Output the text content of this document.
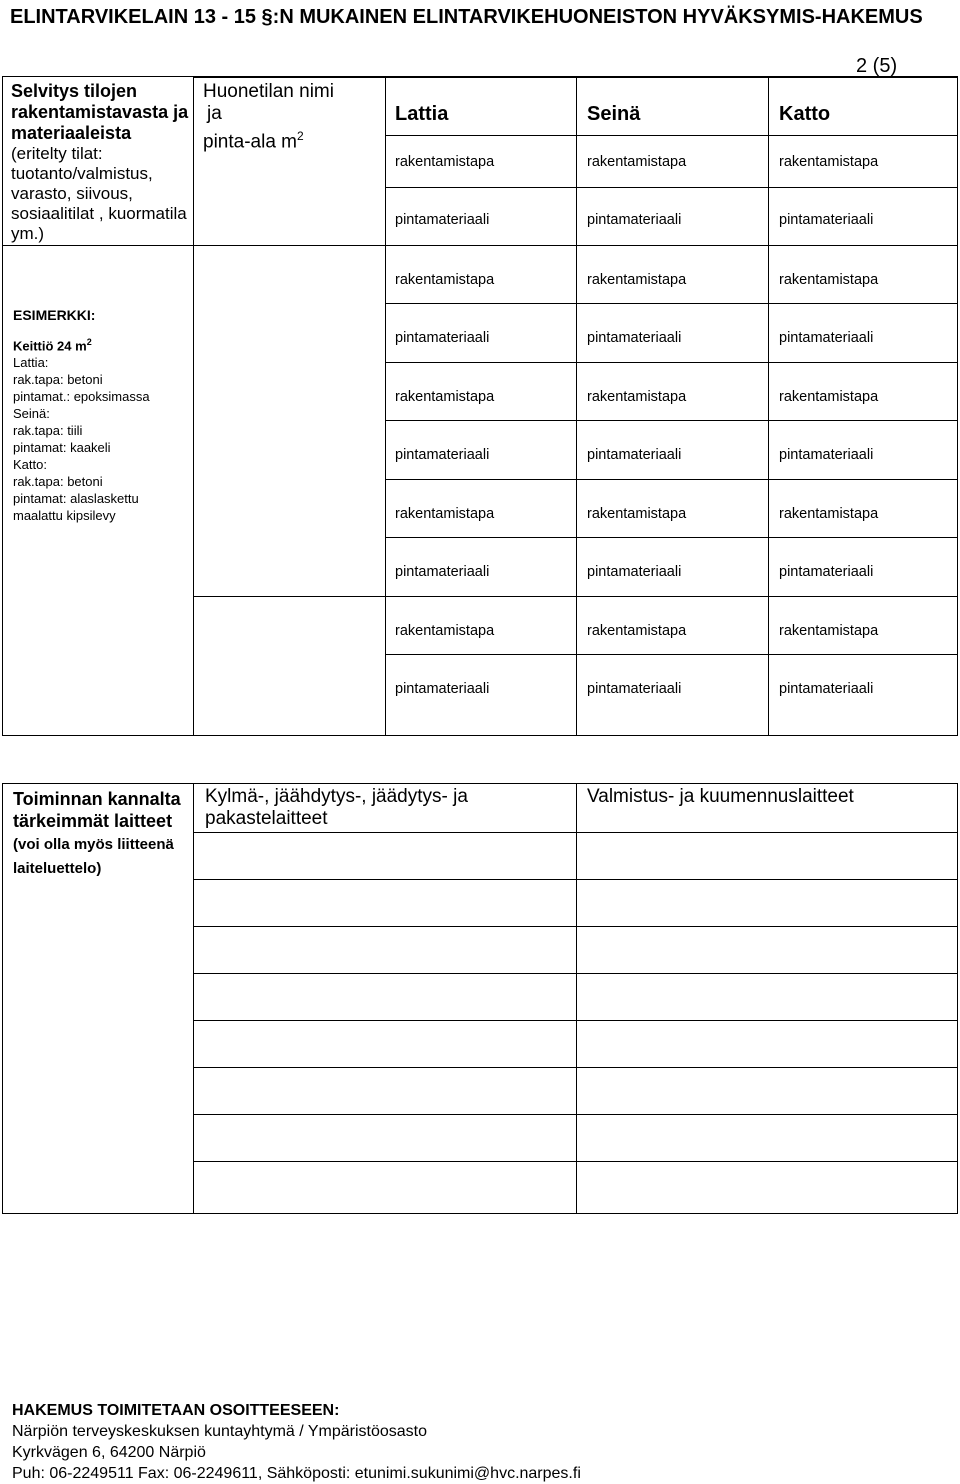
ELINTARVIKELAIN 13 - 15 §:N MUKAINEN ELINTARVIKEHUONEISTON HYVÄKSYMIS-HAKEMUS
2 (5)
Selvitys tilojen rakentamistavasta ja materiaaleista (eritelty tilat: tuotanto/valmistus, varasto, siivous, sosiaalitilat , kuormatila ym.)
Huonetilan nimi
ja
pinta-ala $m^2$
Lattia	Seinä	Katto
rakentamistapa	rakentamistapa	rakentamistapa
pintamateriaali	pintamateriaali	pintamateriaali
rakentamistapa	rakentamistapa	rakentamistapa
pintamateriaali	pintamateriaali	pintamateriaali
rakentamistapa	rakentamistapa	rakentamistapa
pintamateriaali	pintamateriaali	pintamateriaali
rakentamistapa	rakentamistapa	rakentamistapa
pintamateriaali	pintamateriaali	pintamateriaali
rakentamistapa	rakentamistapa	rakentamistapa
pintamateriaali	pintamateriaali	pintamateriaali
ESIMERKKI:
Keittiö 24 $m^2$
Lattia:
rak.tapa: betoni
pintamat.: epoksimassa
Seinä:
rak.tapa: tiili
pintamat: kaakeli
Katto:
rak.tapa: betoni
pintamat: alaslaskettu maalattu kipsilevy
Toiminnan kannalta tärkeimmät laitteet (voi olla myös liitteenä laiteluettelo)
Kylmä-, jäähdytys-, jäädytys- ja pakastelaitteet
Valmistus- ja kuumennuslaitteet
HAKEMUS TOIMITETAAN OSOITTEESEEN:
Närpiön terveyskeskuksen kuntayhtymä / Ympäristöosasto
Kyrkvägen 6, 64200 Närpiö
Puh: 06-2249511 Fax: 06-2249611, Sähköposti: etunimi.sukunimi@hvc.narpes.fi
